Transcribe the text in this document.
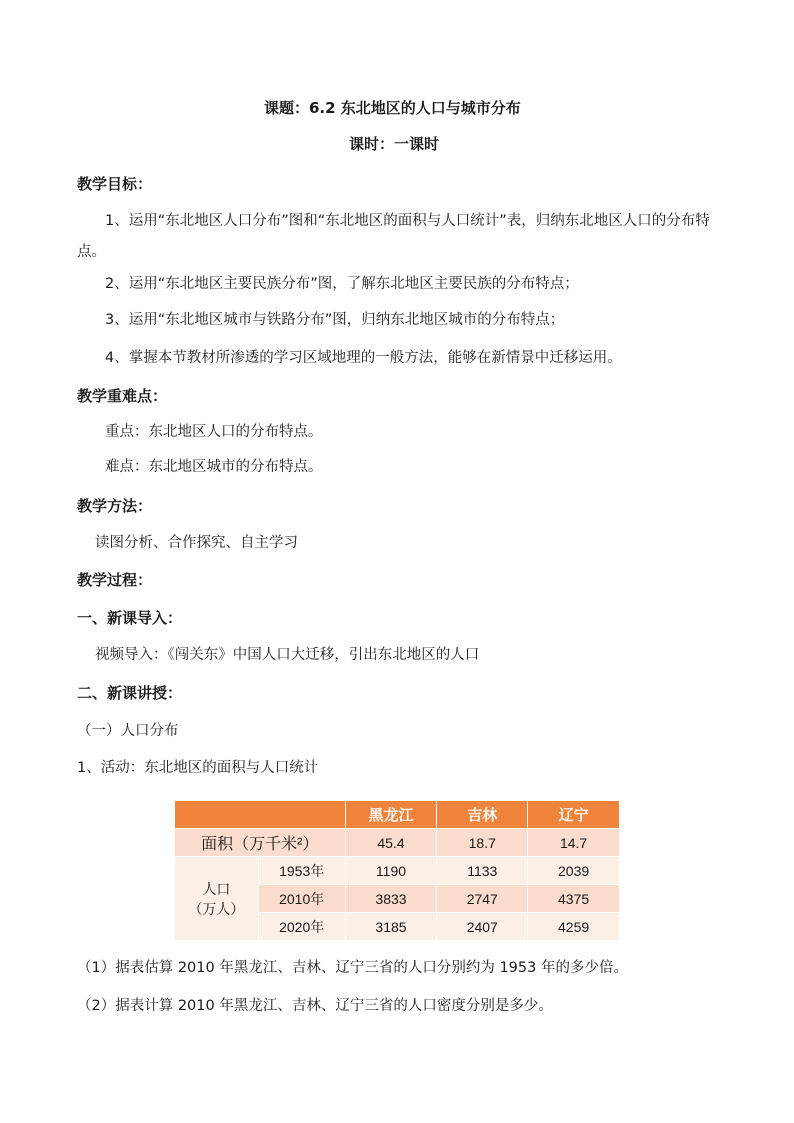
课题：6.2 东北地区的人口与城市分布
课时：一课时
教学目标：
1、运用“东北地区人口分布”图和“东北地区的面积与人口统计”表，归纳东北地区人口的分布特点。
2、运用“东北地区主要民族分布”图，了解东北地区主要民族的分布特点；
3、运用“东北地区城市与铁路分布”图，归纳东北地区城市的分布特点；
4、掌握本节教材所渗透的学习区域地理的一般方法，能够在新情景中迁移运用。
教学重难点：
重点：东北地区人口的分布特点。
难点：东北地区城市的分布特点。
教学方法：
读图分析、合作探究、自主学习
教学过程：
一、新课导入：
视频导入：《闯关东》中国人口大迁移，引出东北地区的人口
二、新课讲授：
（一）人口分布
1、活动：东北地区的面积与人口统计
		黑龙江	吉林	辽宁
面积（万千米²）		45.4	18.7	14.7

人口
（万人）	1953年	1190	1133	2039
	2010年	3833	2747	4375
	2020年	3185	2407	4259
（1）据表估算 2010 年黑龙江、吉林、辽宁三省的人口分别约为 1953 年的多少倍。
（2）据表计算 2010 年黑龙江、吉林、辽宁三省的人口密度分别是多少。
